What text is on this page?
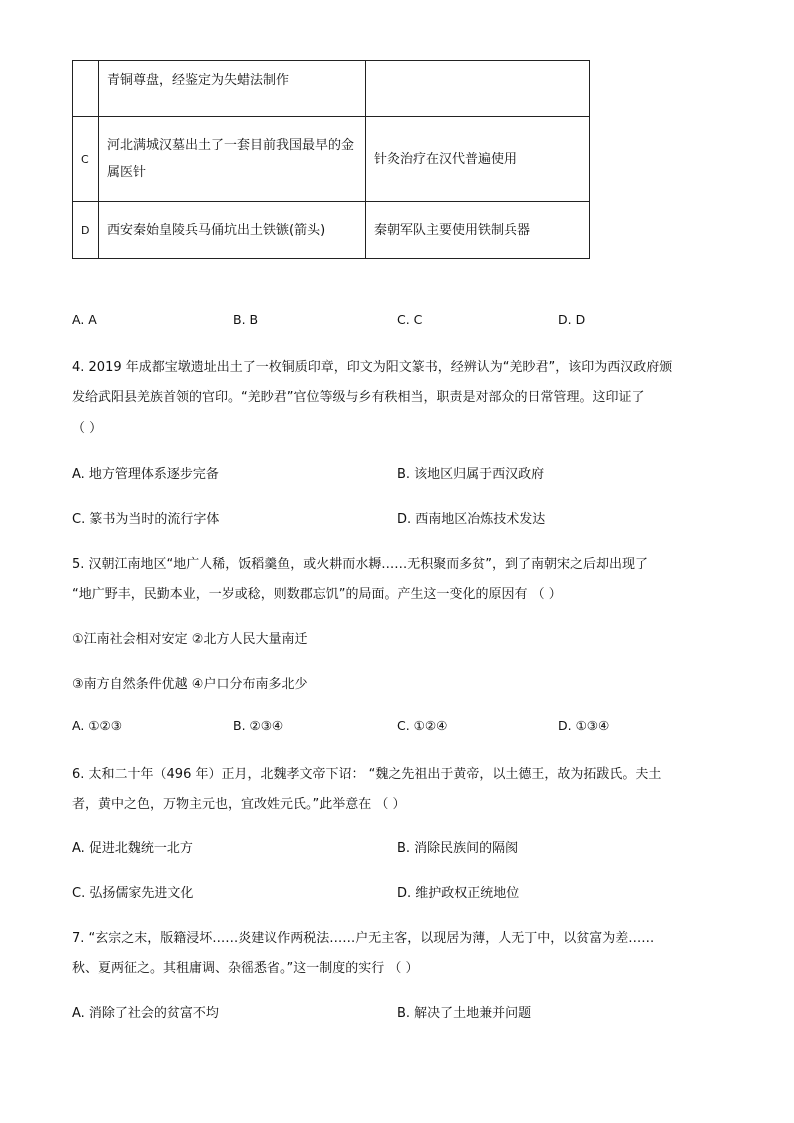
	青铜尊盘，经鉴定为失蜡法制作	
C	河北满城汉墓出土了一套目前我国最早的金属医针	针灸治疗在汉代普遍使用
D	西安秦始皇陵兵马俑坑出土铁镞(箭头)	秦朝军队主要使用铁制兵器
A. A	B. B	C. C	D. D
4. 2019 年成都宝墩遗址出土了一枚铜质印章，印文为阳文篆书，经辨认为“羌眇君”，该印为西汉政府颁
发给武阳县羌族首领的官印。“羌眇君”官位等级与乡有秩相当，职责是对部众的日常管理。这印证了
（ ）
A. 地方管理体系逐步完备	B. 该地区归属于西汉政府
C. 篆书为当时的流行字体	D. 西南地区冶炼技术发达
5. 汉朝江南地区“地广人稀，饭稻羹鱼，或火耕而水耨……无积聚而多贫”，到了南朝宋之后却出现了
“地广野丰，民勤本业，一岁或稔，则数郡忘饥”的局面。产生这一变化的原因有 （ ）
①江南社会相对安定 ②北方人民大量南迁
③南方自然条件优越 ④户口分布南多北少
A. ①②③	B. ②③④	C. ①②④	D. ①③④
6. 太和二十年（496 年）正月，北魏孝文帝下诏： “魏之先祖出于黄帝，以土德王，故为拓跋氏。夫土
者，黄中之色，万物主元也，宜改姓元氏。”此举意在 （ ）
A. 促进北魏统一北方	B. 消除民族间的隔阂
C. 弘扬儒家先进文化	D. 维护政权正统地位
7. “玄宗之末，版籍浸坏……炎建议作两税法……户无主客，以现居为薄，人无丁中，以贫富为差……
秋、夏两征之。其租庸调、杂徭悉省。”这一制度的实行 （ ）
A. 消除了社会的贫富不均	B. 解决了土地兼并问题
